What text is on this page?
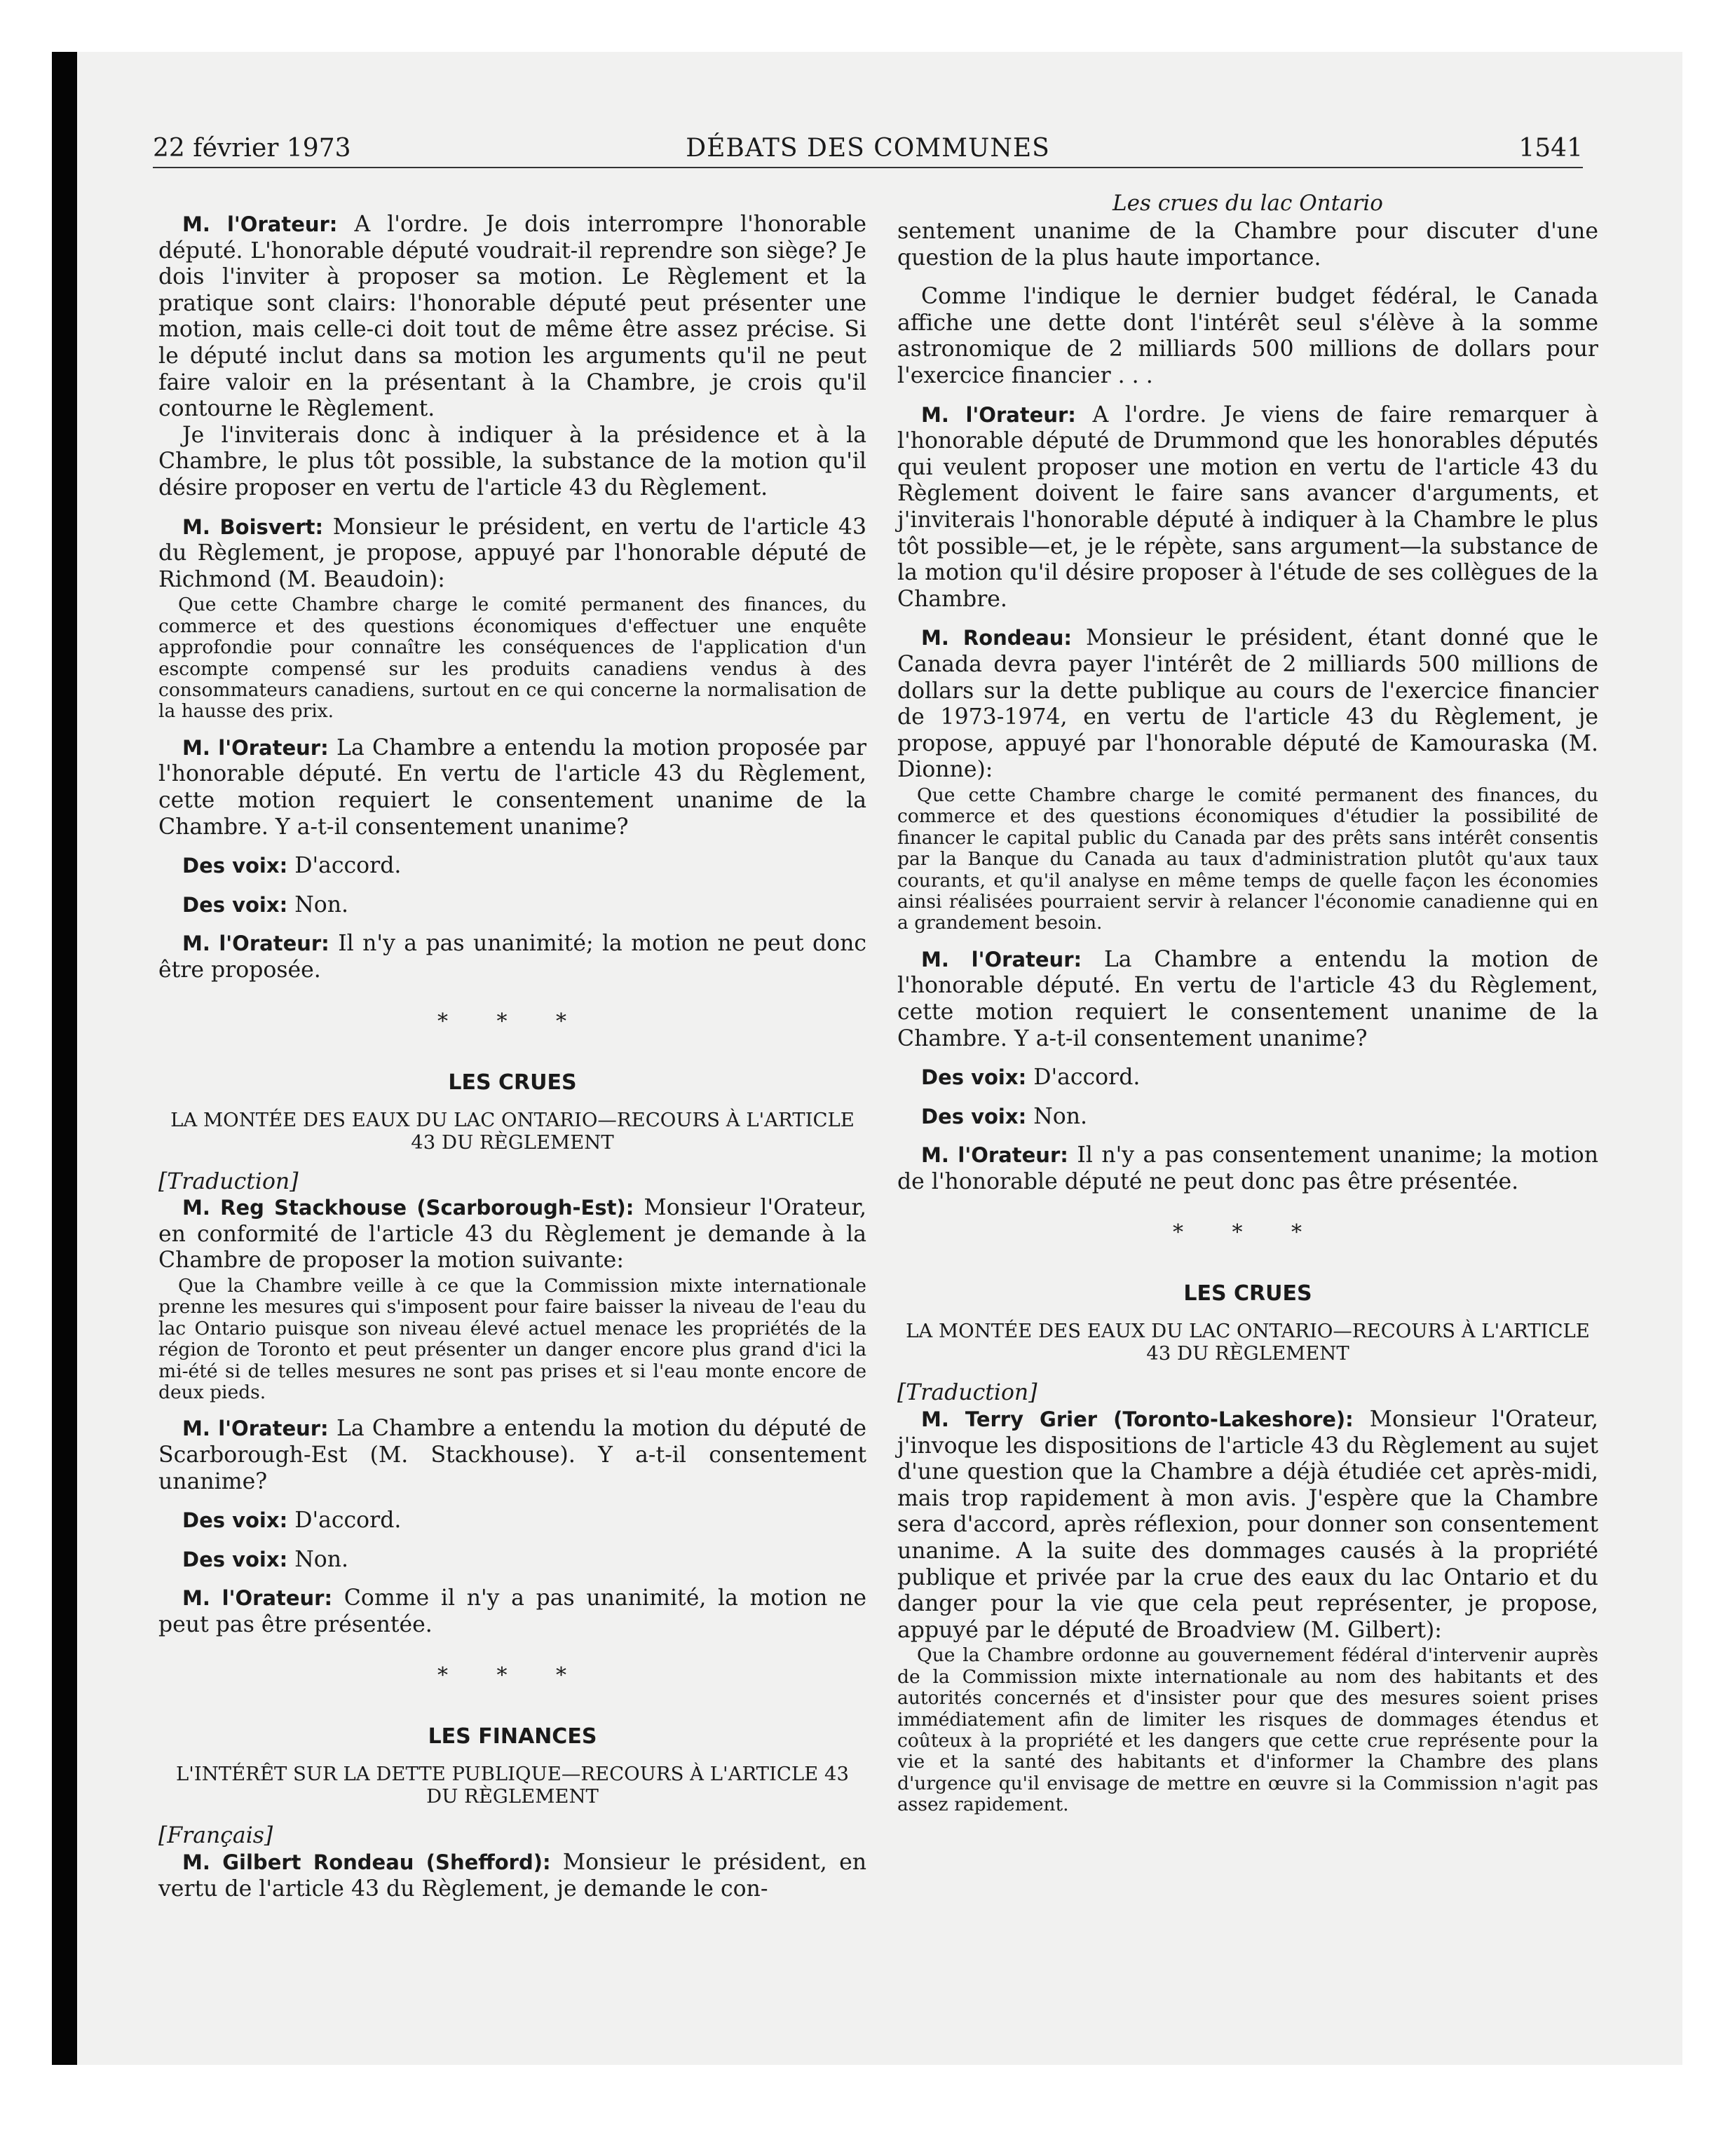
22 février 1973	DÉBATS DES COMMUNES	1541

M. l'Orateur: A l'ordre. Je dois interrompre l'honorable député. L'honorable député voudrait-il reprendre son siège? Je dois l'inviter à proposer sa motion. Le Règlement et la pratique sont clairs: l'honorable député peut présenter une motion, mais celle-ci doit tout de même être assez précise. Si le député inclut dans sa motion les arguments qu'il ne peut faire valoir en la présentant à la Chambre, je crois qu'il contourne le Règlement.

Je l'inviterais donc à indiquer à la présidence et à la Chambre, le plus tôt possible, la substance de la motion qu'il désire proposer en vertu de l'article 43 du Règlement.

M. Boisvert: Monsieur le président, en vertu de l'article 43 du Règlement, je propose, appuyé par l'honorable député de Richmond (M. Beaudoin):

Que cette Chambre charge le comité permanent des finances, du commerce et des questions économiques d'effectuer une enquête approfondie pour connaître les conséquences de l'application d'un escompte compensé sur les produits canadiens vendus à des consommateurs canadiens, surtout en ce qui concerne la normalisation de la hausse des prix.

M. l'Orateur: La Chambre a entendu la motion proposée par l'honorable député. En vertu de l'article 43 du Règlement, cette motion requiert le consentement unanime de la Chambre. Y a-t-il consentement unanime?

Des voix: D'accord.

Des voix: Non.

M. l'Orateur: Il n'y a pas unanimité; la motion ne peut donc être proposée.

* * *

LES CRUES

LA MONTÉE DES EAUX DU LAC ONTARIO—RECOURS À L'ARTICLE 43 DU RÈGLEMENT

[Traduction]

M. Reg Stackhouse (Scarborough-Est): Monsieur l'Orateur, en conformité de l'article 43 du Règlement je demande à la Chambre de proposer la motion suivante:

Que la Chambre veille à ce que la Commission mixte internationale prenne les mesures qui s'imposent pour faire baisser la niveau de l'eau du lac Ontario puisque son niveau élevé actuel menace les propriétés de la région de Toronto et peut présenter un danger encore plus grand d'ici la mi-été si de telles mesures ne sont pas prises et si l'eau monte encore de deux pieds.

M. l'Orateur: La Chambre a entendu la motion du député de Scarborough-Est (M. Stackhouse). Y a-t-il consentement unanime?

Des voix: D'accord.

Des voix: Non.

M. l'Orateur: Comme il n'y a pas unanimité, la motion ne peut pas être présentée.

* * *

LES FINANCES

L'INTÉRÊT SUR LA DETTE PUBLIQUE—RECOURS À L'ARTICLE 43 DU RÈGLEMENT

[Français]

M. Gilbert Rondeau (Shefford): Monsieur le président, en vertu de l'article 43 du Règlement, je demande le con-

Les crues du lac Ontario

sentement unanime de la Chambre pour discuter d'une question de la plus haute importance.

Comme l'indique le dernier budget fédéral, le Canada affiche une dette dont l'intérêt seul s'élève à la somme astronomique de 2 milliards 500 millions de dollars pour l'exercice financier . . .

M. l'Orateur: A l'ordre. Je viens de faire remarquer à l'honorable député de Drummond que les honorables députés qui veulent proposer une motion en vertu de l'article 43 du Règlement doivent le faire sans avancer d'arguments, et j'inviterais l'honorable député à indiquer à la Chambre le plus tôt possible—et, je le répète, sans argument—la substance de la motion qu'il désire proposer à l'étude de ses collègues de la Chambre.

M. Rondeau: Monsieur le président, étant donné que le Canada devra payer l'intérêt de 2 milliards 500 millions de dollars sur la dette publique au cours de l'exercice financier de 1973-1974, en vertu de l'article 43 du Règlement, je propose, appuyé par l'honorable député de Kamouraska (M. Dionne):

Que cette Chambre charge le comité permanent des finances, du commerce et des questions économiques d'étudier la possibilité de financer le capital public du Canada par des prêts sans intérêt consentis par la Banque du Canada au taux d'administration plutôt qu'aux taux courants, et qu'il analyse en même temps de quelle façon les économies ainsi réalisées pourraient servir à relancer l'économie canadienne qui en a grandement besoin.

M. l'Orateur: La Chambre a entendu la motion de l'honorable député. En vertu de l'article 43 du Règlement, cette motion requiert le consentement unanime de la Chambre. Y a-t-il consentement unanime?

Des voix: D'accord.

Des voix: Non.

M. l'Orateur: Il n'y a pas consentement unanime; la motion de l'honorable député ne peut donc pas être présentée.

* * *

LES CRUES

LA MONTÉE DES EAUX DU LAC ONTARIO—RECOURS À L'ARTICLE 43 DU RÈGLEMENT

[Traduction]

M. Terry Grier (Toronto-Lakeshore): Monsieur l'Orateur, j'invoque les dispositions de l'article 43 du Règlement au sujet d'une question que la Chambre a déjà étudiée cet après-midi, mais trop rapidement à mon avis. J'espère que la Chambre sera d'accord, après réflexion, pour donner son consentement unanime. A la suite des dommages causés à la propriété publique et privée par la crue des eaux du lac Ontario et du danger pour la vie que cela peut représenter, je propose, appuyé par le député de Broadview (M. Gilbert):

Que la Chambre ordonne au gouvernement fédéral d'intervenir auprès de la Commission mixte internationale au nom des habitants et des autorités concernés et d'insister pour que des mesures soient prises immédiatement afin de limiter les risques de dommages étendus et coûteux à la propriété et les dangers que cette crue représente pour la vie et la santé des habitants et d'informer la Chambre des plans d'urgence qu'il envisage de mettre en œuvre si la Commission n'agit pas assez rapidement.
